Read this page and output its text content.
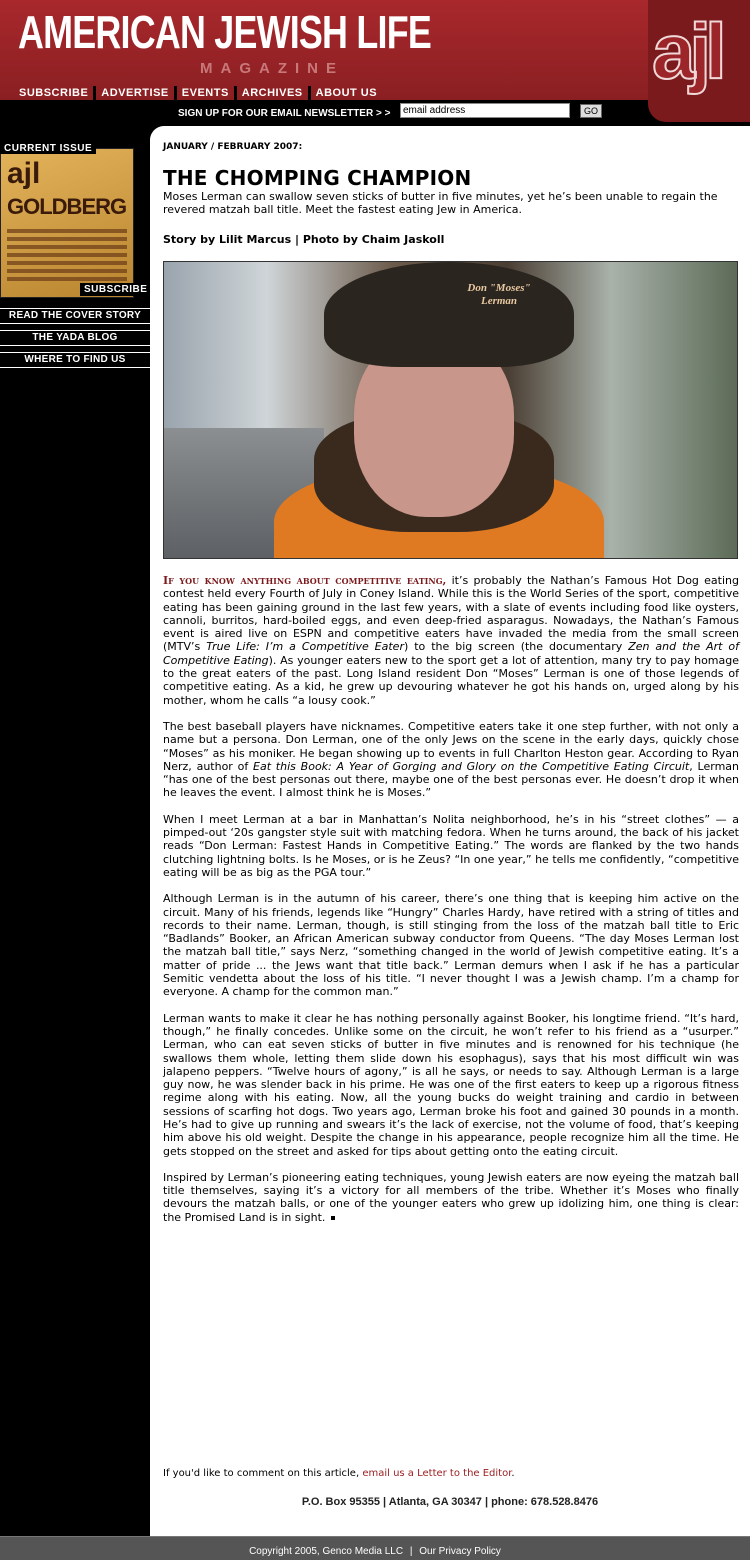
AMERICAN JEWISH LIFE
MAGAZINE
SUBSCRIBE	ADVERTISE	EVENTS	ARCHIVES	ABOUT US	ajl
SIGN UP FOR OUR EMAIL NEWSLETTER > >
email address	GO
CURRENT ISSUE
ajl
GOLDBERG
SUBSCRIBE
READ THE COVER STORY
THE YADA BLOG
WHERE TO FIND US
JANUARY / FEBRUARY 2007:
THE CHOMPING CHAMPION
Moses Lerman can swallow seven sticks of butter in five minutes, yet he’s been unable to regain the revered matzah ball title. Meet the fastest eating Jew in America.
Story by Lilit Marcus | Photo by Chaim Jaskoll
Don "Moses" Lerman

If you know anything about competitive eating, it’s probably the Nathan’s Famous Hot Dog eating contest held every Fourth of July in Coney Island. While this is the World Series of the sport, competitive eating has been gaining ground in the last few years, with a slate of events including food like oysters, cannoli, burritos, hard-boiled eggs, and even deep-fried asparagus. Nowadays, the Nathan’s Famous event is aired live on ESPN and competitive eaters have invaded the media from the small screen (MTV’s True Life: I’m a Competitive Eater) to the big screen (the documentary Zen and the Art of Competitive Eating). As younger eaters new to the sport get a lot of attention, many try to pay homage to the great eaters of the past. Long Island resident Don “Moses” Lerman is one of those legends of competitive eating. As a kid, he grew up devouring whatever he got his hands on, urged along by his mother, whom he calls “a lousy cook.”

The best baseball players have nicknames. Competitive eaters take it one step further, with not only a name but a persona. Don Lerman, one of the only Jews on the scene in the early days, quickly chose “Moses” as his moniker. He began showing up to events in full Charlton Heston gear. According to Ryan Nerz, author of Eat this Book: A Year of Gorging and Glory on the Competitive Eating Circuit, Lerman “has one of the best personas out there, maybe one of the best personas ever. He doesn’t drop it when he leaves the event. I almost think he is Moses.”

When I meet Lerman at a bar in Manhattan’s Nolita neighborhood, he’s in his “street clothes” — a pimped-out ‘20s gangster style suit with matching fedora. When he turns around, the back of his jacket reads “Don Lerman: Fastest Hands in Competitive Eating.” The words are flanked by the two hands clutching lightning bolts. Is he Moses, or is he Zeus? “In one year,” he tells me confidently, “competitive eating will be as big as the PGA tour.”

Although Lerman is in the autumn of his career, there’s one thing that is keeping him active on the circuit. Many of his friends, legends like “Hungry” Charles Hardy, have retired with a string of titles and records to their name. Lerman, though, is still stinging from the loss of the matzah ball title to Eric “Badlands” Booker, an African American subway conductor from Queens. “The day Moses Lerman lost the matzah ball title,” says Nerz, “something changed in the world of Jewish competitive eating. It’s a matter of pride ... the Jews want that title back.” Lerman demurs when I ask if he has a particular Semitic vendetta about the loss of his title. “I never thought I was a Jewish champ. I’m a champ for everyone. A champ for the common man.”

Lerman wants to make it clear he has nothing personally against Booker, his longtime friend. “It’s hard, though,” he finally concedes. Unlike some on the circuit, he won’t refer to his friend as a “usurper.” Lerman, who can eat seven sticks of butter in five minutes and is renowned for his technique (he swallows them whole, letting them slide down his esophagus), says that his most difficult win was jalapeno peppers. “Twelve hours of agony,” is all he says, or needs to say. Although Lerman is a large guy now, he was slender back in his prime. He was one of the first eaters to keep up a rigorous fitness regime along with his eating. Now, all the young bucks do weight training and cardio in between sessions of scarfing hot dogs. Two years ago, Lerman broke his foot and gained 30 pounds in a month. He’s had to give up running and swears it’s the lack of exercise, not the volume of food, that’s keeping him above his old weight. Despite the change in his appearance, people recognize him all the time. He gets stopped on the street and asked for tips about getting onto the eating circuit.

Inspired by Lerman’s pioneering eating techniques, young Jewish eaters are now eyeing the matzah ball title themselves, saying it’s a victory for all members of the tribe. Whether it’s Moses who finally devours the matzah balls, or one of the younger eaters who grew up idolizing him, one thing is clear: the Promised Land is in sight.

If you'd like to comment on this article, email us a Letter to the Editor.
P.O. Box 95355 | Atlanta, GA 30347 | phone: 678.528.8476
Copyright 2005, Genco Media LLC | Our Privacy Policy
